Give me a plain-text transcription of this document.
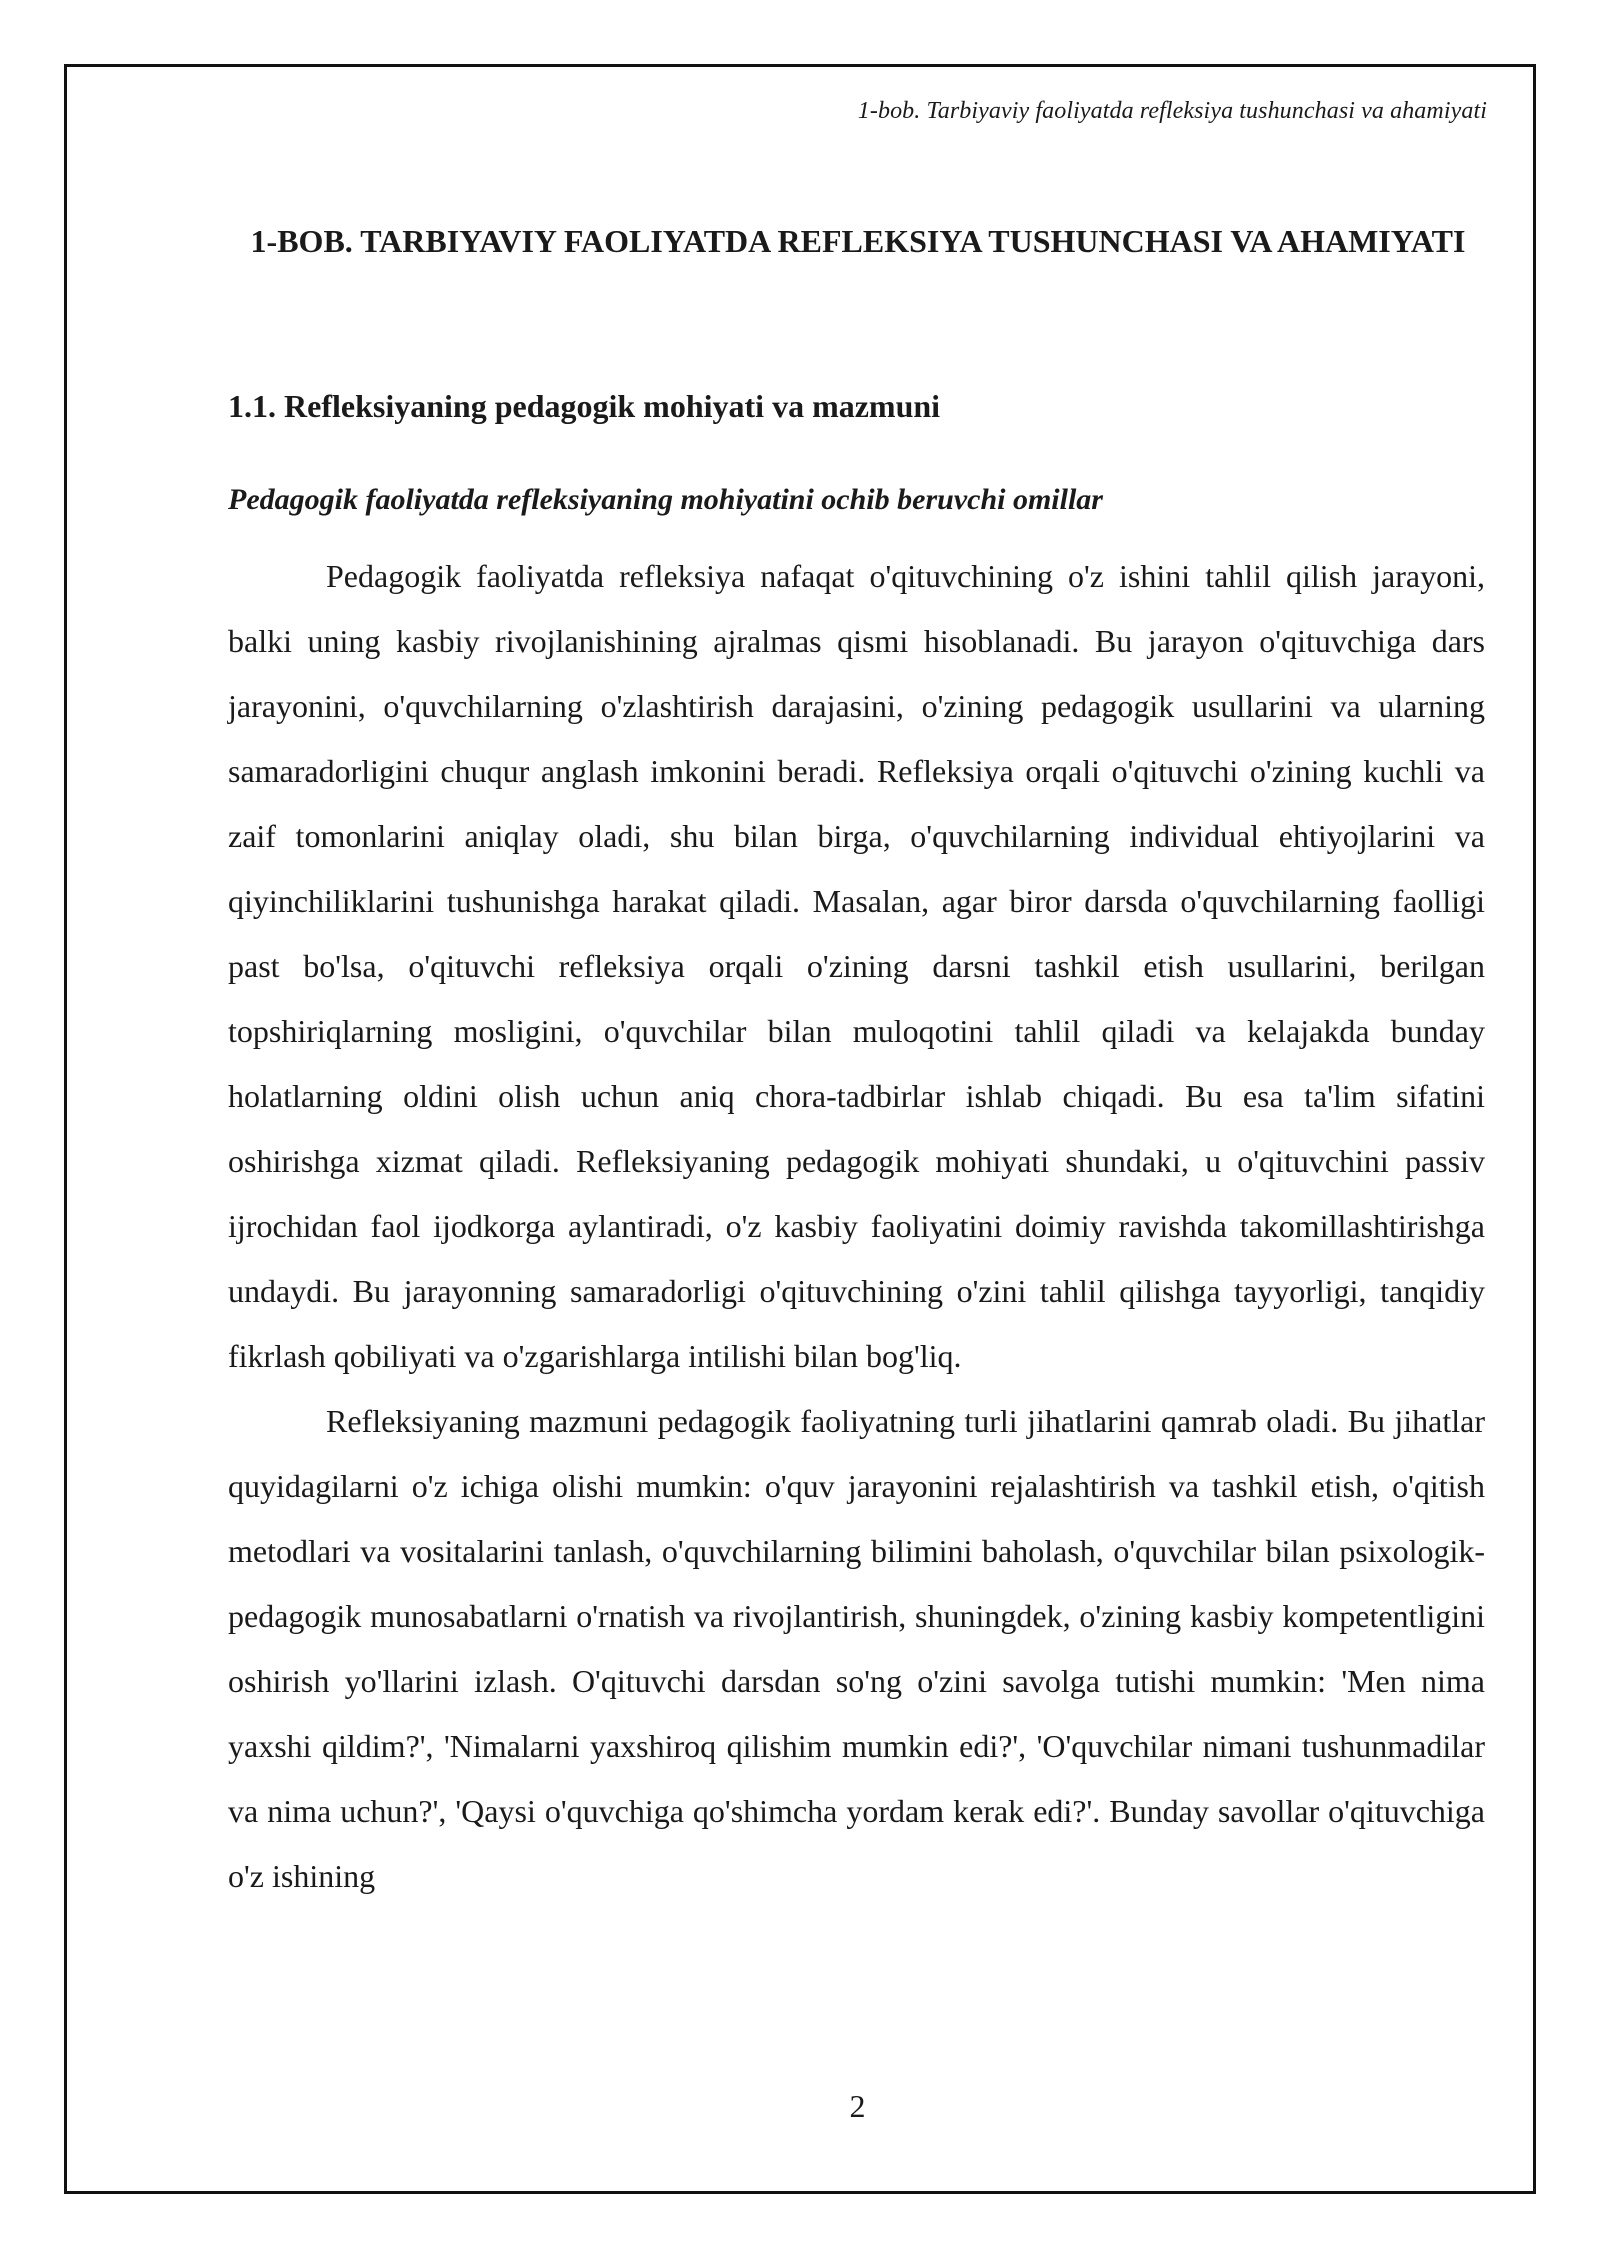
1-bob. Tarbiyaviy faoliyatda refleksiya tushunchasi va ahamiyati
1-BOB. TARBIYAVIY FAOLIYATDA REFLEKSIYA TUSHUNCHASI VA AHAMIYATI
1.1. Refleksiyaning pedagogik mohiyati va mazmuni
Pedagogik faoliyatda refleksiyaning mohiyatini ochib beruvchi omillar

Pedagogik faoliyatda refleksiya nafaqat o'qituvchining o'z ishini tahlil qilish jarayoni, balki uning kasbiy rivojlanishining ajralmas qismi hisoblanadi. Bu jarayon o'qituvchiga dars jarayonini, o'quvchilarning o'zlashtirish darajasini, o'zining pedagogik usullarini va ularning samaradorligini chuqur anglash imkonini beradi. Refleksiya orqali o'qituvchi o'zining kuchli va zaif tomonlarini aniqlay oladi, shu bilan birga, o'quvchilarning individual ehtiyojlarini va qiyinchiliklarini tushunishga harakat qiladi. Masalan, agar biror darsda o'quvchilarning faolligi past bo'lsa, o'qituvchi refleksiya orqali o'zining darsni tashkil etish usullarini, berilgan topshiriqlarning mosligini, o'quvchilar bilan muloqotini tahlil qiladi va kelajakda bunday holatlarning oldini olish uchun aniq chora-tadbirlar ishlab chiqadi. Bu esa ta'lim sifatini oshirishga xizmat qiladi. Refleksiyaning pedagogik mohiyati shundaki, u o'qituvchini passiv ijrochidan faol ijodkorga aylantiradi, o'z kasbiy faoliyatini doimiy ravishda takomillashtirishga undaydi. Bu jarayonning samaradorligi o'qituvchining o'zini tahlil qilishga tayyorligi, tanqidiy fikrlash qobiliyati va o'zgarishlarga intilishi bilan bog'liq.

Refleksiyaning mazmuni pedagogik faoliyatning turli jihatlarini qamrab oladi. Bu jihatlar quyidagilarni o'z ichiga olishi mumkin: o'quv jarayonini rejalashtirish va tashkil etish, o'qitish metodlari va vositalarini tanlash, o'quvchilarning bilimini baholash, o'quvchilar bilan psixologik-pedagogik munosabatlarni o'rnatish va rivojlantirish, shuningdek, o'zining kasbiy kompetentligini oshirish yo'llarini izlash. O'qituvchi darsdan so'ng o'zini savolga tutishi mumkin: 'Men nima yaxshi qildim?', 'Nimalarni yaxshiroq qilishim mumkin edi?', 'O'quvchilar nimani tushunmadilar va nima uchun?', 'Qaysi o'quvchiga qo'shimcha yordam kerak edi?'. Bunday savollar o'qituvchiga o'z ishining

2
